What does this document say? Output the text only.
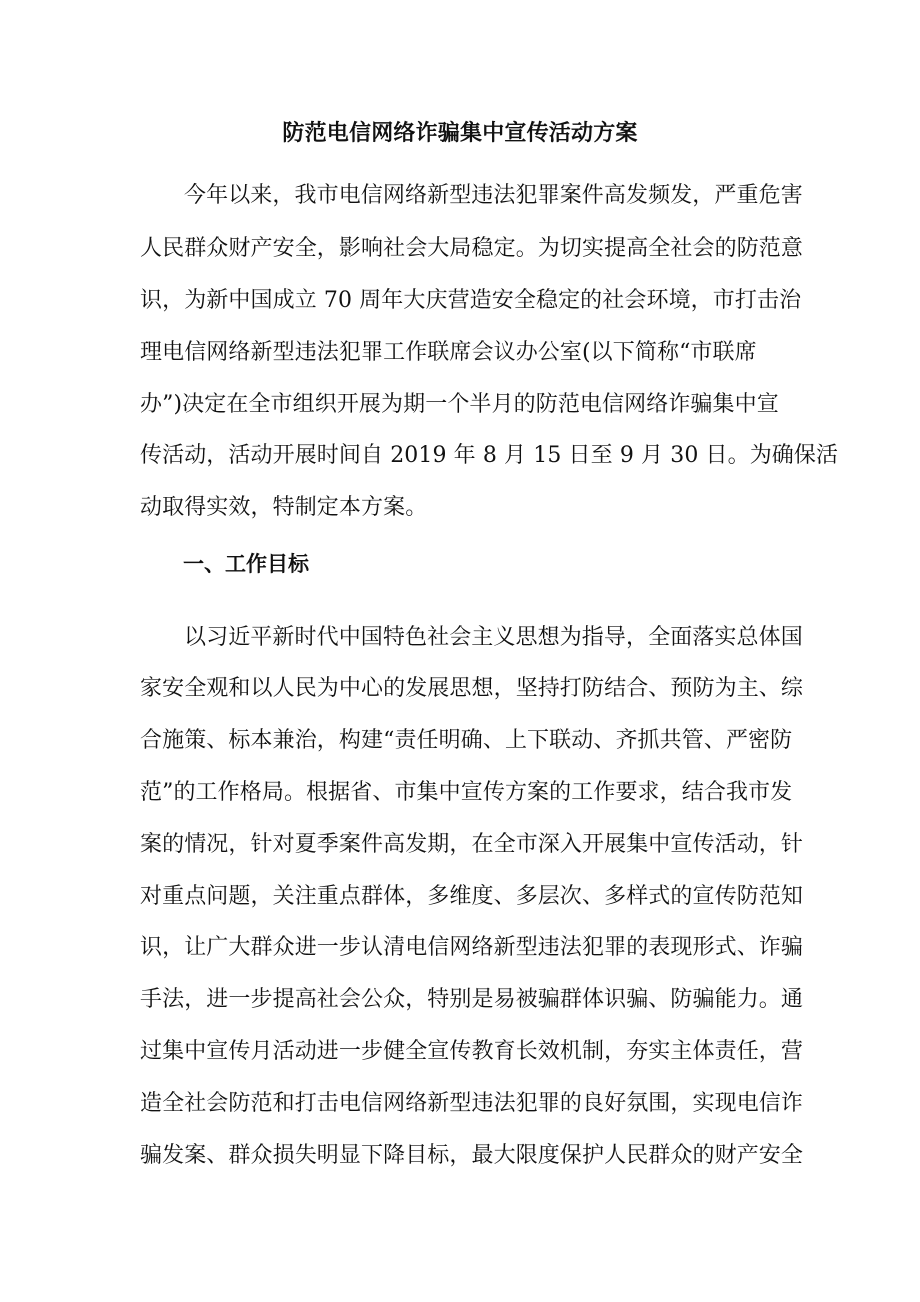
防范电信网络诈骗集中宣传活动方案
今年以来，我市电信网络新型违法犯罪案件高发频发，严重危害
人民群众财产安全，影响社会大局稳定。为切实提高全社会的防范意
识，为新中国成立 70 周年大庆营造安全稳定的社会环境，市打击治
理电信网络新型违法犯罪工作联席会议办公室(以下简称“市联席
办”)决定在全市组织开展为期一个半月的防范电信网络诈骗集中宣
传活动，活动开展时间自 2019 年 8 月 15 日至 9 月 30 日。为确保活
动取得实效，特制定本方案。
一、工作目标
以习近平新时代中国特色社会主义思想为指导，全面落实总体国
家安全观和以人民为中心的发展思想，坚持打防结合、预防为主、综
合施策、标本兼治，构建“责任明确、上下联动、齐抓共管、严密防
范”的工作格局。根据省、市集中宣传方案的工作要求，结合我市发
案的情况，针对夏季案件高发期，在全市深入开展集中宣传活动，针
对重点问题，关注重点群体，多维度、多层次、多样式的宣传防范知
识，让广大群众进一步认清电信网络新型违法犯罪的表现形式、诈骗
手法，进一步提高社会公众，特别是易被骗群体识骗、防骗能力。通
过集中宣传月活动进一步健全宣传教育长效机制，夯实主体责任，营
造全社会防范和打击电信网络新型违法犯罪的良好氛围，实现电信诈
骗发案、群众损失明显下降目标，最大限度保护人民群众的财产安全
